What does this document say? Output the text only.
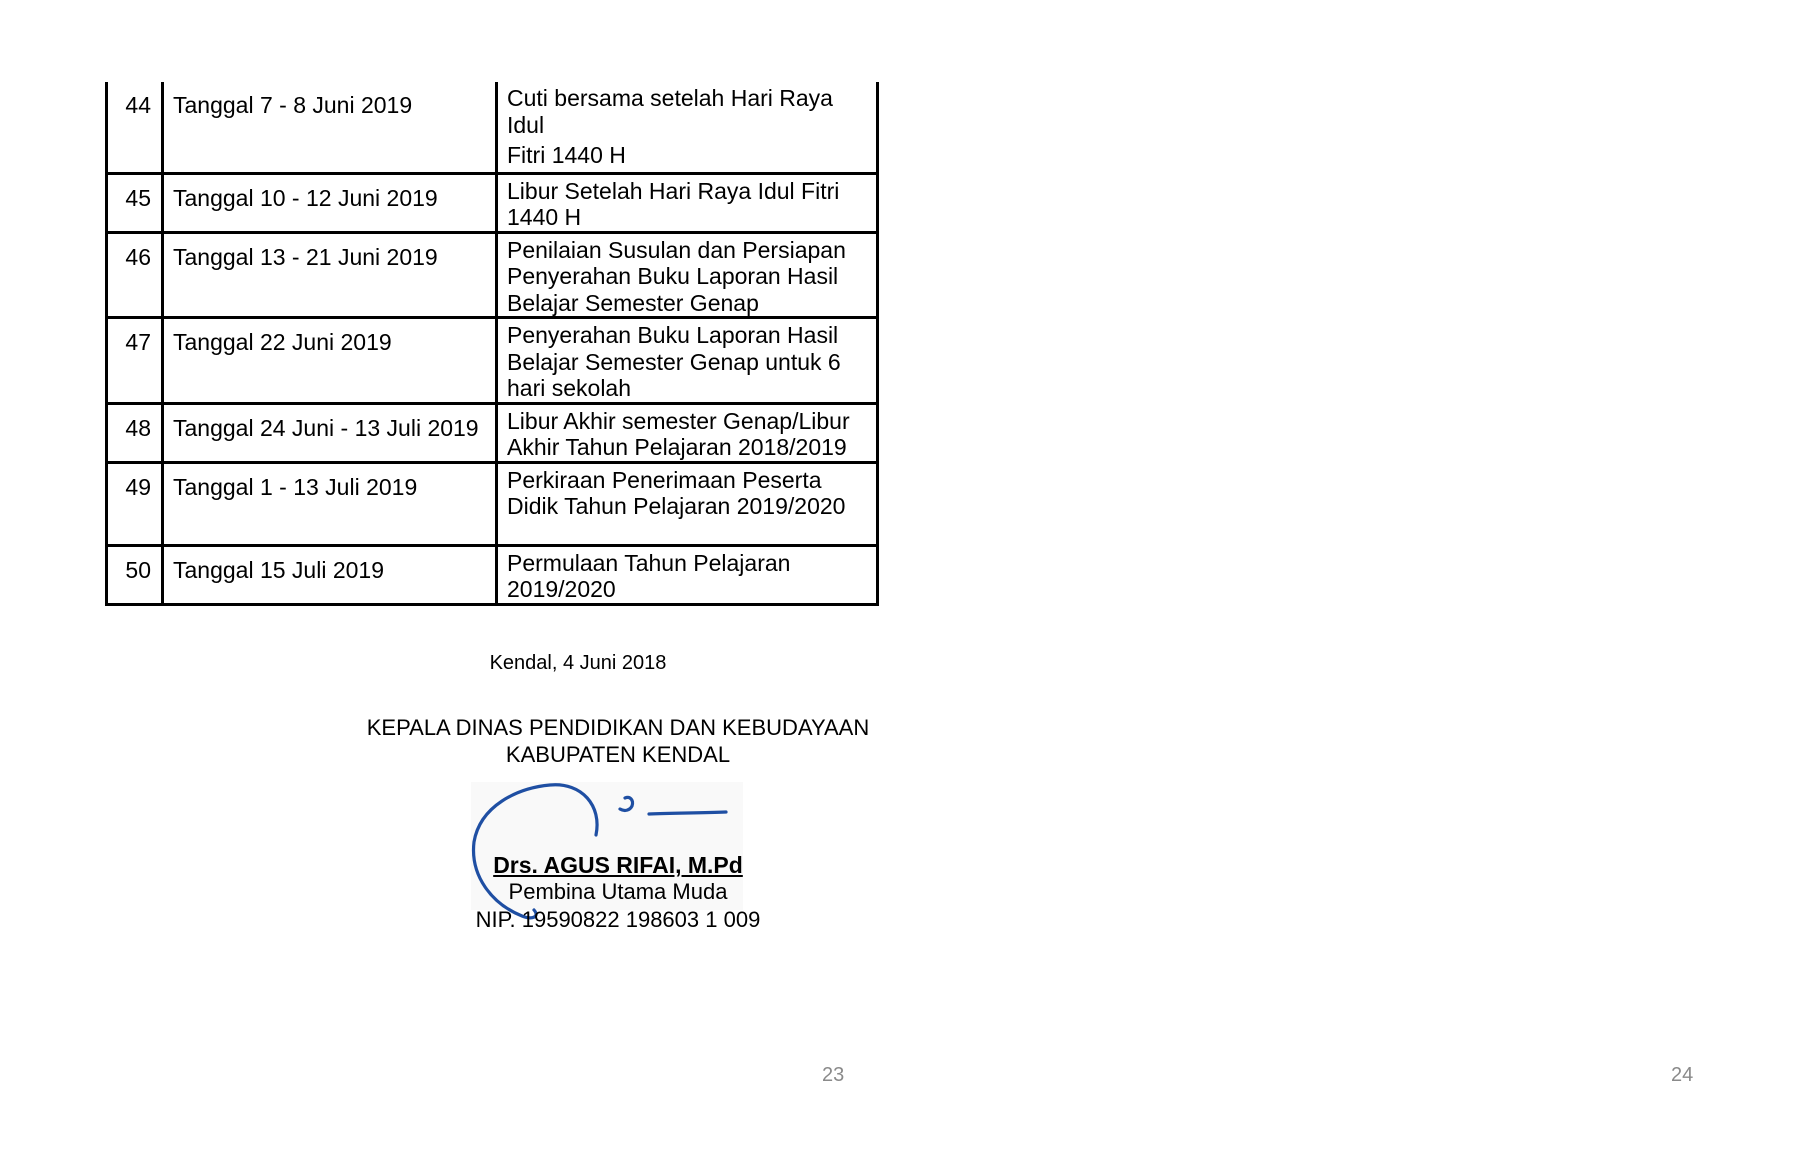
44	Tanggal 7 - 8 Juni 2019	Cuti bersama setelah Hari Raya
Idul
Fitri 1440 H

45	Tanggal 10 - 12 Juni 2019	Libur Setelah Hari Raya Idul Fitri
1440 H

46	Tanggal 13 - 21 Juni 2019	Penilaian Susulan dan Persiapan
Penyerahan Buku Laporan Hasil
Belajar Semester Genap

47	Tanggal 22 Juni 2019	Penyerahan Buku Laporan Hasil
Belajar Semester Genap untuk 6
hari sekolah

48	Tanggal 24 Juni - 13 Juli 2019	Libur Akhir semester Genap/Libur
Akhir Tahun Pelajaran 2018/2019

49	Tanggal 1 - 13 Juli 2019	Perkiraan Penerimaan Peserta
Didik Tahun Pelajaran 2019/2020

50	Tanggal 15 Juli 2019	Permulaan Tahun Pelajaran
2019/2020
Kendal, 4 Juni 2018
KEPALA DINAS PENDIDIKAN DAN KEBUDAYAAN
KABUPATEN KENDAL
Drs. AGUS RIFAI, M.Pd
Pembina Utama Muda
NIP. 19590822 198603 1 009
23	24
